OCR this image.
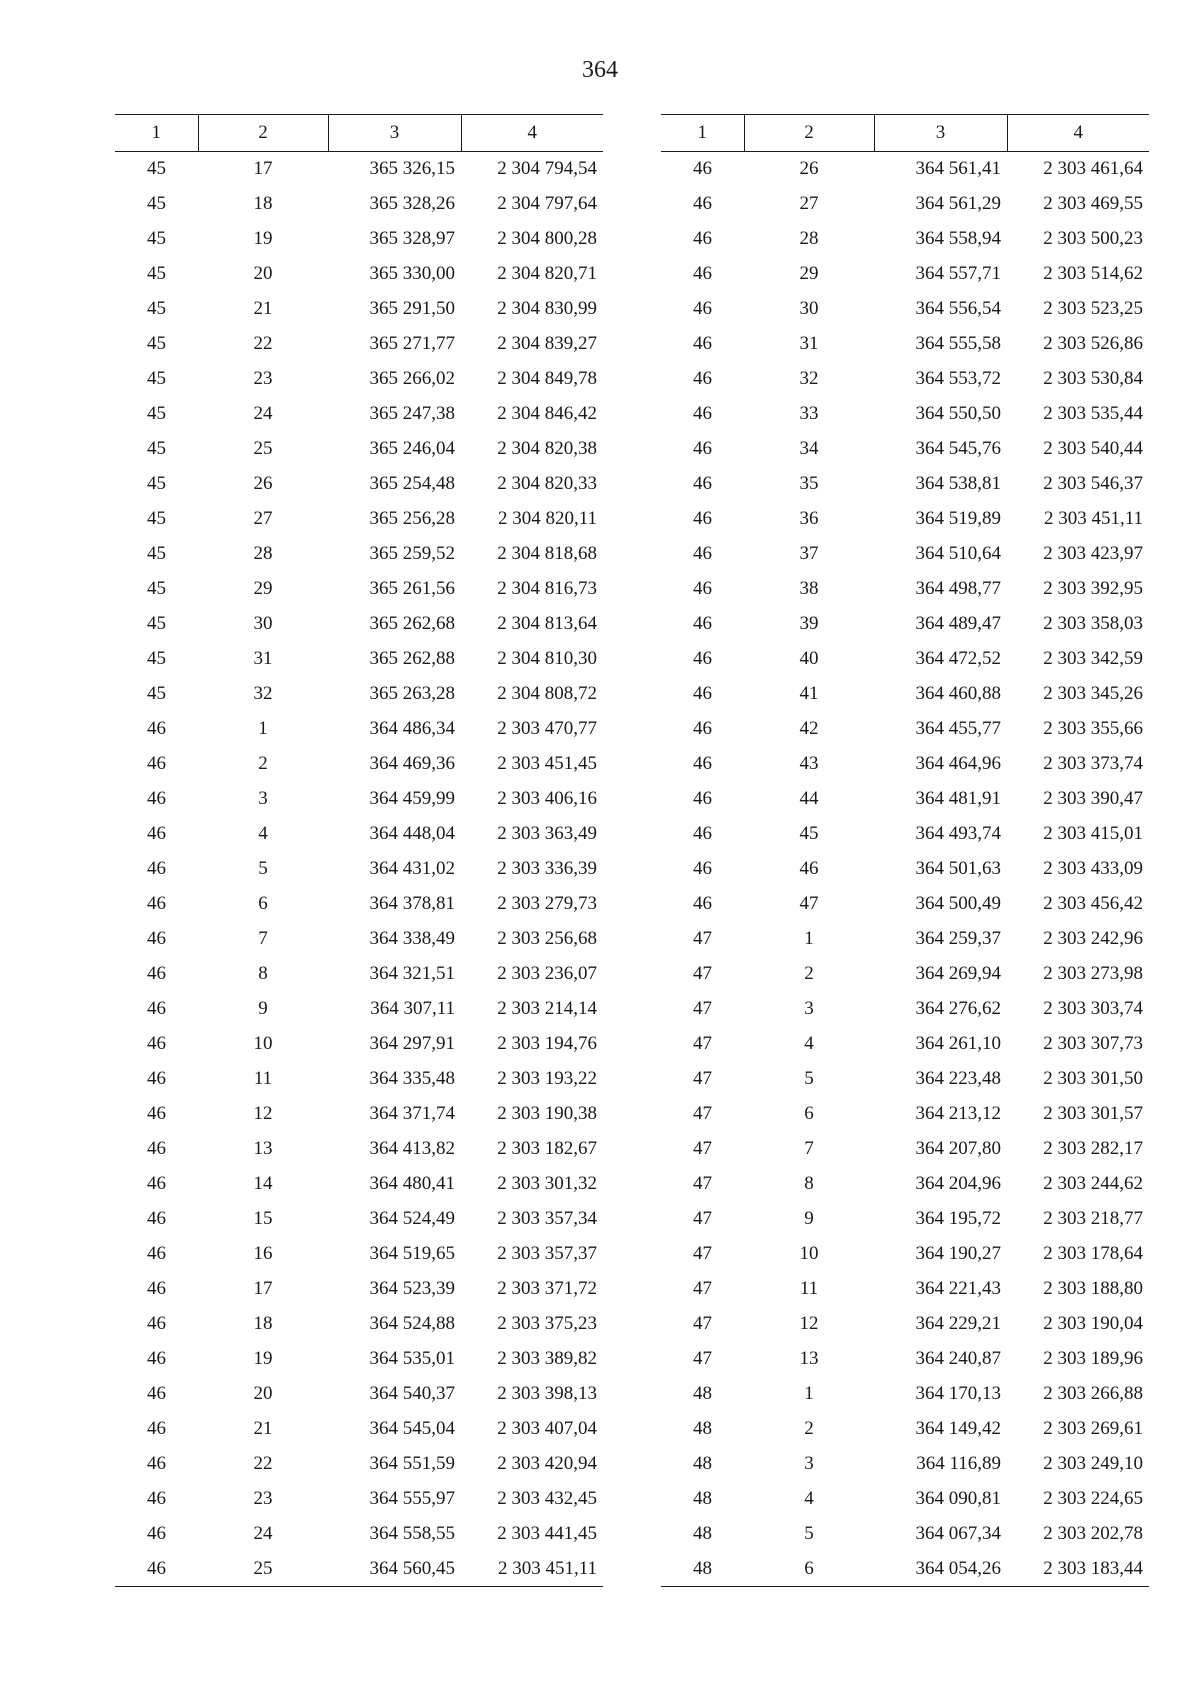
364
1	2	3	4
45	17	365 326,15	2 304 794,54
45	18	365 328,26	2 304 797,64
45	19	365 328,97	2 304 800,28
45	20	365 330,00	2 304 820,71
45	21	365 291,50	2 304 830,99
45	22	365 271,77	2 304 839,27
45	23	365 266,02	2 304 849,78
45	24	365 247,38	2 304 846,42
45	25	365 246,04	2 304 820,38
45	26	365 254,48	2 304 820,33
45	27	365 256,28	2 304 820,11
45	28	365 259,52	2 304 818,68
45	29	365 261,56	2 304 816,73
45	30	365 262,68	2 304 813,64
45	31	365 262,88	2 304 810,30
45	32	365 263,28	2 304 808,72
46	1	364 486,34	2 303 470,77
46	2	364 469,36	2 303 451,45
46	3	364 459,99	2 303 406,16
46	4	364 448,04	2 303 363,49
46	5	364 431,02	2 303 336,39
46	6	364 378,81	2 303 279,73
46	7	364 338,49	2 303 256,68
46	8	364 321,51	2 303 236,07
46	9	364 307,11	2 303 214,14
46	10	364 297,91	2 303 194,76
46	11	364 335,48	2 303 193,22
46	12	364 371,74	2 303 190,38
46	13	364 413,82	2 303 182,67
46	14	364 480,41	2 303 301,32
46	15	364 524,49	2 303 357,34
46	16	364 519,65	2 303 357,37
46	17	364 523,39	2 303 371,72
46	18	364 524,88	2 303 375,23
46	19	364 535,01	2 303 389,82
46	20	364 540,37	2 303 398,13
46	21	364 545,04	2 303 407,04
46	22	364 551,59	2 303 420,94
46	23	364 555,97	2 303 432,45
46	24	364 558,55	2 303 441,45
46	25	364 560,45	2 303 451,11
1	2	3	4
46	26	364 561,41	2 303 461,64
46	27	364 561,29	2 303 469,55
46	28	364 558,94	2 303 500,23
46	29	364 557,71	2 303 514,62
46	30	364 556,54	2 303 523,25
46	31	364 555,58	2 303 526,86
46	32	364 553,72	2 303 530,84
46	33	364 550,50	2 303 535,44
46	34	364 545,76	2 303 540,44
46	35	364 538,81	2 303 546,37
46	36	364 519,89	2 303 451,11
46	37	364 510,64	2 303 423,97
46	38	364 498,77	2 303 392,95
46	39	364 489,47	2 303 358,03
46	40	364 472,52	2 303 342,59
46	41	364 460,88	2 303 345,26
46	42	364 455,77	2 303 355,66
46	43	364 464,96	2 303 373,74
46	44	364 481,91	2 303 390,47
46	45	364 493,74	2 303 415,01
46	46	364 501,63	2 303 433,09
46	47	364 500,49	2 303 456,42
47	1	364 259,37	2 303 242,96
47	2	364 269,94	2 303 273,98
47	3	364 276,62	2 303 303,74
47	4	364 261,10	2 303 307,73
47	5	364 223,48	2 303 301,50
47	6	364 213,12	2 303 301,57
47	7	364 207,80	2 303 282,17
47	8	364 204,96	2 303 244,62
47	9	364 195,72	2 303 218,77
47	10	364 190,27	2 303 178,64
47	11	364 221,43	2 303 188,80
47	12	364 229,21	2 303 190,04
47	13	364 240,87	2 303 189,96
48	1	364 170,13	2 303 266,88
48	2	364 149,42	2 303 269,61
48	3	364 116,89	2 303 249,10
48	4	364 090,81	2 303 224,65
48	5	364 067,34	2 303 202,78
48	6	364 054,26	2 303 183,44
